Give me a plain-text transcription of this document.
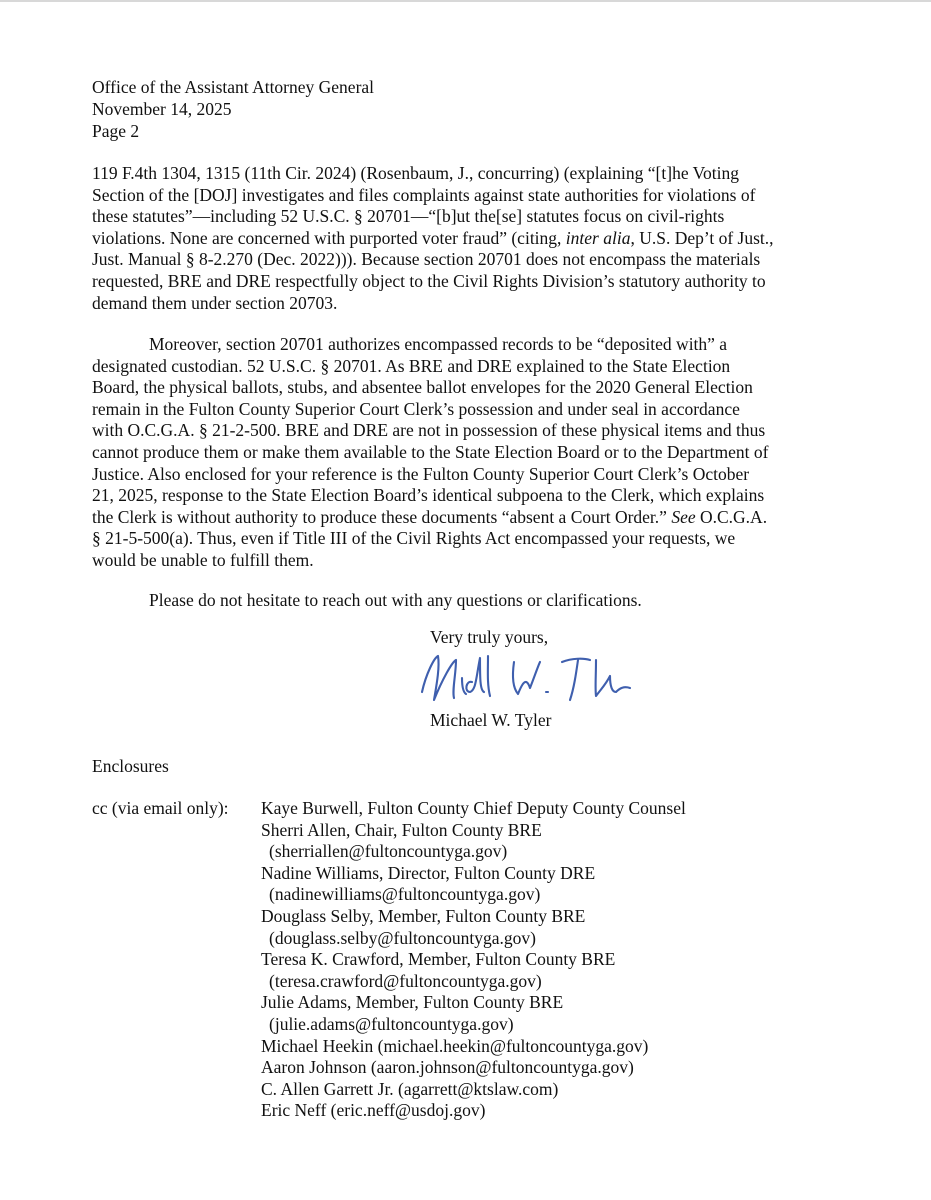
Office of the Assistant Attorney General
November 14, 2025
Page 2
119 F.4th 1304, 1315 (11th Cir. 2024) (Rosenbaum, J., concurring) (explaining “[t]he Voting
Section of the [DOJ] investigates and files complaints against state authorities for violations of
these statutes”—including 52 U.S.C. § 20701—“[b]ut the[se] statutes focus on civil-rights
violations. None are concerned with purported voter fraud” (citing, inter alia, U.S. Dep’t of Just.,
Just. Manual § 8-2.270 (Dec. 2022))). Because section 20701 does not encompass the materials
requested, BRE and DRE respectfully object to the Civil Rights Division’s statutory authority to
demand them under section 20703.
Moreover, section 20701 authorizes encompassed records to be “deposited with” a
designated custodian. 52 U.S.C. § 20701. As BRE and DRE explained to the State Election
Board, the physical ballots, stubs, and absentee ballot envelopes for the 2020 General Election
remain in the Fulton County Superior Court Clerk’s possession and under seal in accordance
with O.C.G.A. § 21-2-500. BRE and DRE are not in possession of these physical items and thus
cannot produce them or make them available to the State Election Board or to the Department of
Justice. Also enclosed for your reference is the Fulton County Superior Court Clerk’s October
21, 2025, response to the State Election Board’s identical subpoena to the Clerk, which explains
the Clerk is without authority to produce these documents “absent a Court Order.” See O.C.G.A.
§ 21-5-500(a). Thus, even if Title III of the Civil Rights Act encompassed your requests, we
would be unable to fulfill them.
Please do not hesitate to reach out with any questions or clarifications.
Very truly yours,
Michael W. Tyler
Enclosures
cc (via email only): Kaye Burwell, Fulton County Chief Deputy County Counsel
Sherri Allen, Chair, Fulton County BRE
(sherriallen@fultoncountyga.gov)
Nadine Williams, Director, Fulton County DRE
(nadinewilliams@fultoncountyga.gov)
Douglass Selby, Member, Fulton County BRE
(douglass.selby@fultoncountyga.gov)
Teresa K. Crawford, Member, Fulton County BRE
(teresa.crawford@fultoncountyga.gov)
Julie Adams, Member, Fulton County BRE
(julie.adams@fultoncountyga.gov)
Michael Heekin (michael.heekin@fultoncountyga.gov)
Aaron Johnson (aaron.johnson@fultoncountyga.gov)
C. Allen Garrett Jr. (agarrett@ktslaw.com)
Eric Neff (eric.neff@usdoj.gov)
